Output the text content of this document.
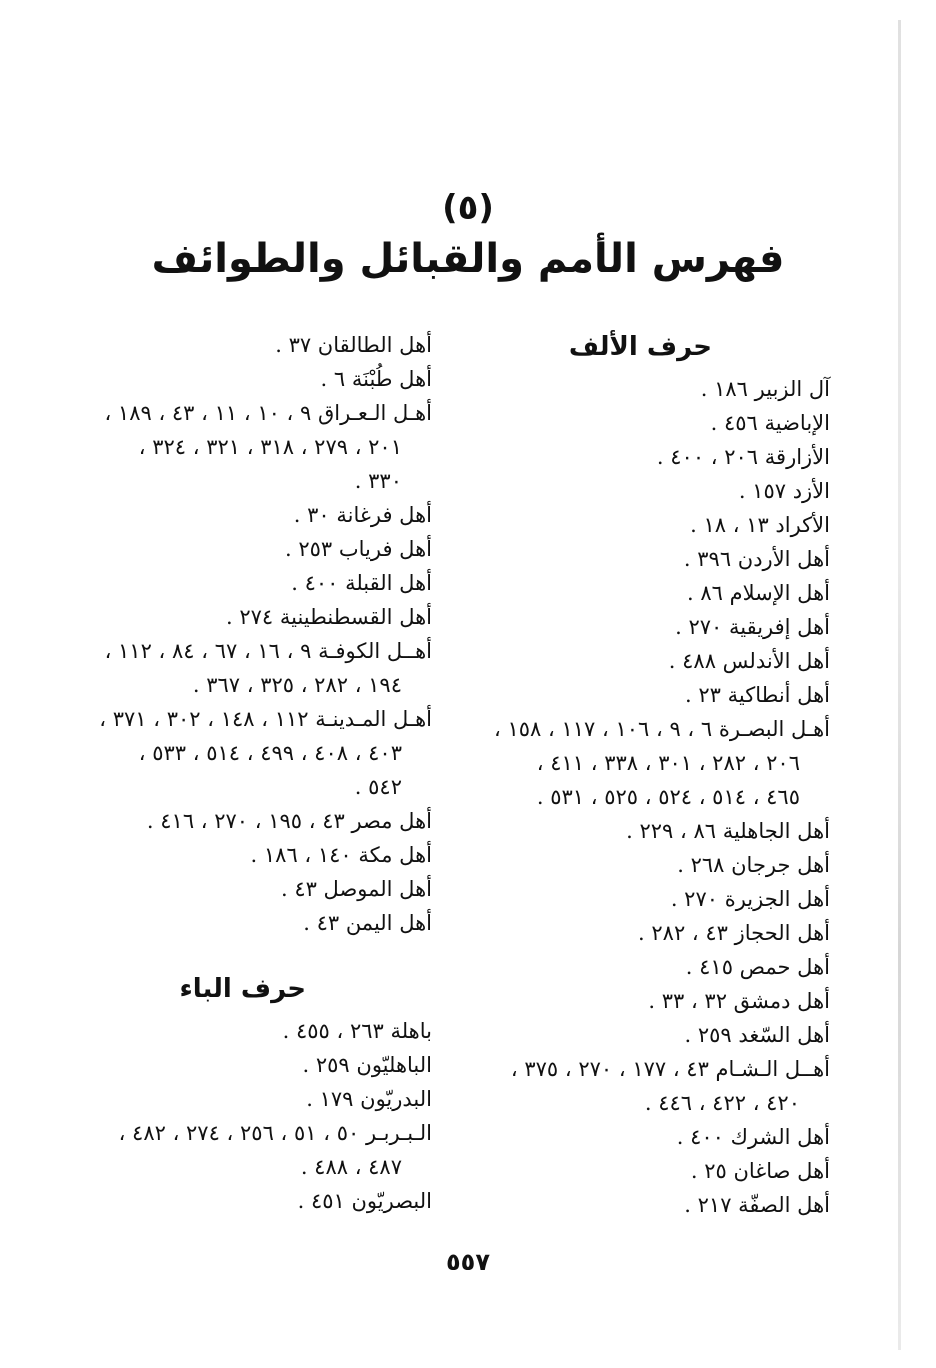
(٥)
فهرس الأمم والقبائل والطوائف
حرف الألف
آل الزبير ١٨٦ .
الإباضية ٤٥٦ .
الأزارقة ٢٠٦ ، ٤٠٠ .
الأزد ١٥٧ .
الأكراد ١٣ ، ١٨ .
أهل الأردن ٣٩٦ .
أهل الإسلام ٨٦ .
أهل إفريقية ٢٧٠ .
أهل الأندلس ٤٨٨ .
أهل أنطاكية ٢٣ .
أهـل البصـرة ٦ ، ٩ ، ١٠٦ ، ١١٧ ، ١٥٨ ،
٢٠٦ ، ٢٨٢ ، ٣٠١ ، ٣٣٨ ، ٤١١ ،
٤٦٥ ، ٥١٤ ، ٥٢٤ ، ٥٢٥ ، ٥٣١ .
أهل الجاهلية ٨٦ ، ٢٢٩ .
أهل جرجان ٢٦٨ .
أهل الجزيرة ٢٧٠ .
أهل الحجاز ٤٣ ، ٢٨٢ .
أهل حمص ٤١٥ .
أهل دمشق ٣٢ ، ٣٣ .
أهل السّغد ٢٥٩ .
أهــل الـشـام ٤٣ ، ١٧٧ ، ٢٧٠ ، ٣٧٥ ،
٤٢٠ ، ٤٢٢ ، ٤٤٦ .
أهل الشرك ٤٠٠ .
أهل صاغان ٢٥ .
أهل الصفّة ٢١٧ .
أهل الطالقان ٣٧ .
أهل طُبْنَة ٦ .
أهـل الـعـراق ٩ ، ١٠ ، ١١ ، ٤٣ ، ١٨٩ ،
٢٠١ ، ٢٧٩ ، ٣١٨ ، ٣٢١ ، ٣٢٤ ،
٣٣٠ .
أهل فرغانة ٣٠ .
أهل فرياب ٢٥٣ .
أهل القبلة ٤٠٠ .
أهل القسطنطينية ٢٧٤ .
أهــل الكوفـة ٩ ، ١٦ ، ٦٧ ، ٨٤ ، ١١٢ ،
١٩٤ ، ٢٨٢ ، ٣٢٥ ، ٣٦٧ .
أهـل المـدينـة ١١٢ ، ١٤٨ ، ٣٠٢ ، ٣٧١ ،
٤٠٣ ، ٤٠٨ ، ٤٩٩ ، ٥١٤ ، ٥٣٣ ،
٥٤٢ .
أهل مصر ٤٣ ، ١٩٥ ، ٢٧٠ ، ٤١٦ .
أهل مكة ١٤٠ ، ١٨٦ .
أهل الموصل ٤٣ .
أهل اليمن ٤٣ .
حرف الباء
باهلة ٢٦٣ ، ٤٥٥ .
الباهليّون ٢٥٩ .
البدريّون ١٧٩ .
الـبـربـر ٥٠ ، ٥١ ، ٢٥٦ ، ٢٧٤ ، ٤٨٢ ،
٤٨٧ ، ٤٨٨ .
البصريّون ٤٥١ .
٥٥٧
